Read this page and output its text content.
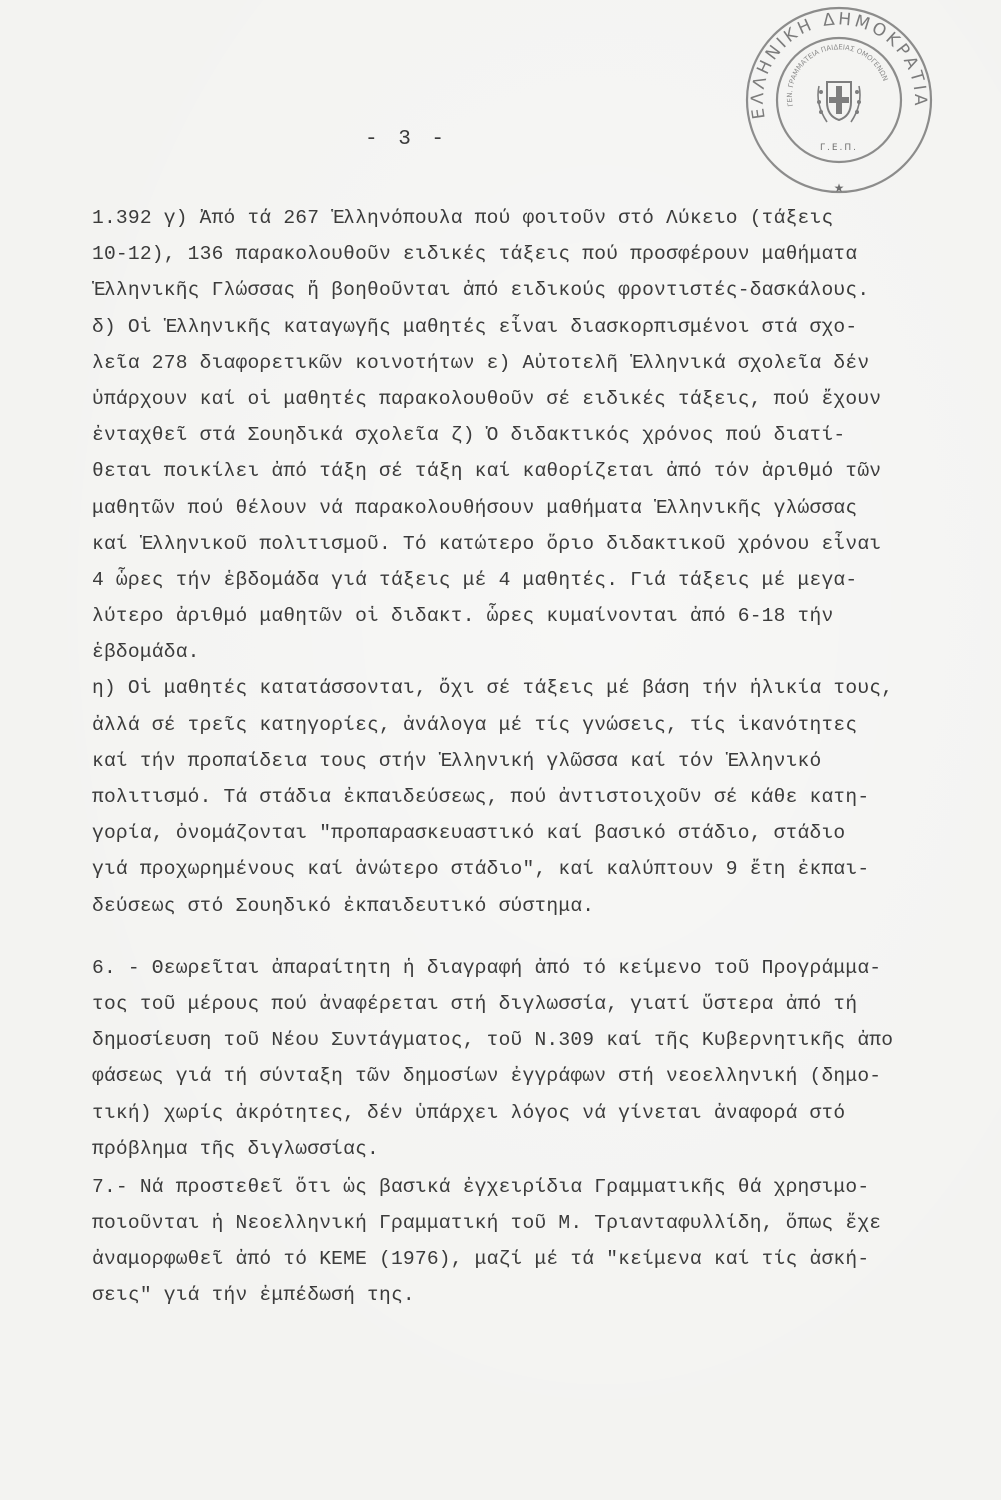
- 3 -
ΕΛΛΗΝΙΚΗ ΔΗΜΟΚΡΑΤΙΑ
ΓΕΝ. ΓΡΑΜΜΑΤΕΙΑ ΠΑΙΔΕΙΑΣ ΟΜΟΓΕΝΩΝ
Γ.Ε.Π.
★
1.392 γ) Ἀπό τά 267 Ἑλληνόπουλα πού φοιτοῦν στό Λύκειο (τάξεις
10-12), 136 παρακολουθοῦν ειδικές τάξεις πού προσφέρουν μαθήματα
Ἑλληνικῆς Γλώσσας ἤ βοηθοῦνται ἀπό ειδικούς φροντιστές-δασκάλους.
δ) Οἱ Ἑλληνικῆς καταγωγῆς μαθητές εἶναι διασκορπισμένοι στά σχο-
λεῖα 278 διαφορετικῶν κοινοτήτων ε) Αὐτοτελῆ Ἑλληνικά σχολεῖα δέν
ὑπάρχουν καί οἱ μαθητές παρακολουθοῦν σέ ειδικές τάξεις, πού ἔχουν
ἐνταχθεῖ στά Σουηδικά σχολεῖα ζ) Ὁ διδακτικός χρόνος πού διατί-
θεται ποικίλει ἀπό τάξη σέ τάξη καί καθορίζεται ἀπό τόν ἀριθμό τῶν
μαθητῶν πού θέλουν νά παρακολουθήσουν μαθήματα Ἑλληνικῆς γλώσσας
καί Ἑλληνικοῦ πολιτισμοῦ. Τό κατώτερο ὅριο διδακτικοῦ χρόνου εἶναι
4 ὧρες τήν ἑβδομάδα γιά τάξεις μέ 4 μαθητές. Γιά τάξεις μέ μεγα-
λύτερο ἀριθμό μαθητῶν οἱ διδακτ. ὧρες κυμαίνονται ἀπό 6-18 τήν
ἑβδομάδα.
η) Οἱ μαθητές κατατάσσονται, ὄχι σέ τάξεις μέ βάση τήν ἡλικία τους,
ἀλλά σέ τρεῖς κατηγορίες, ἀνάλογα μέ τίς γνώσεις, τίς ἱκανότητες
καί τήν προπαίδεια τους στήν Ἑλληνική γλῶσσα καί τόν Ἑλληνικό
πολιτισμό. Τά στάδια ἐκπαιδεύσεως, πού ἀντιστοιχοῦν σέ κάθε κατη-
γορία, ὀνομάζονται "προπαρασκευαστικό καί βασικό στάδιο, στάδιο
γιά προχωρημένους καί ἀνώτερο στάδιο", καί καλύπτουν 9 ἔτη ἐκπαι-
δεύσεως στό Σουηδικό ἐκπαιδευτικό σύστημα.
6. - Θεωρεῖται ἀπαραίτητη ἡ διαγραφή ἀπό τό κείμενο τοῦ Προγράμμα-
τος τοῦ μέρους πού ἀναφέρεται στή διγλωσσία, γιατί ὕστερα ἀπό τή
δημοσίευση τοῦ Νέου Συντάγματος, τοῦ Ν.309 καί τῆς Κυβερνητικῆς ἀπο
φάσεως γιά τή σύνταξη τῶν δημοσίων ἐγγράφων στή νεοελληνική (δημο-
τική) χωρίς ἀκρότητες, δέν ὑπάρχει λόγος νά γίνεται ἀναφορά στό
πρόβλημα τῆς διγλωσσίας.
7.- Νά προστεθεῖ ὅτι ὡς βασικά ἐγχειρίδια Γραμματικῆς θά χρησιμο-
ποιοῦνται ἡ Νεοελληνική Γραμματική τοῦ Μ. Τριανταφυλλίδη, ὅπως ἔχε
ἀναμορφωθεῖ ἀπό τό ΚΕΜΕ (1976), μαζί μέ τά "κείμενα καί τίς ἀσκή-
σεις" γιά τήν ἐμπέδωσή της.
